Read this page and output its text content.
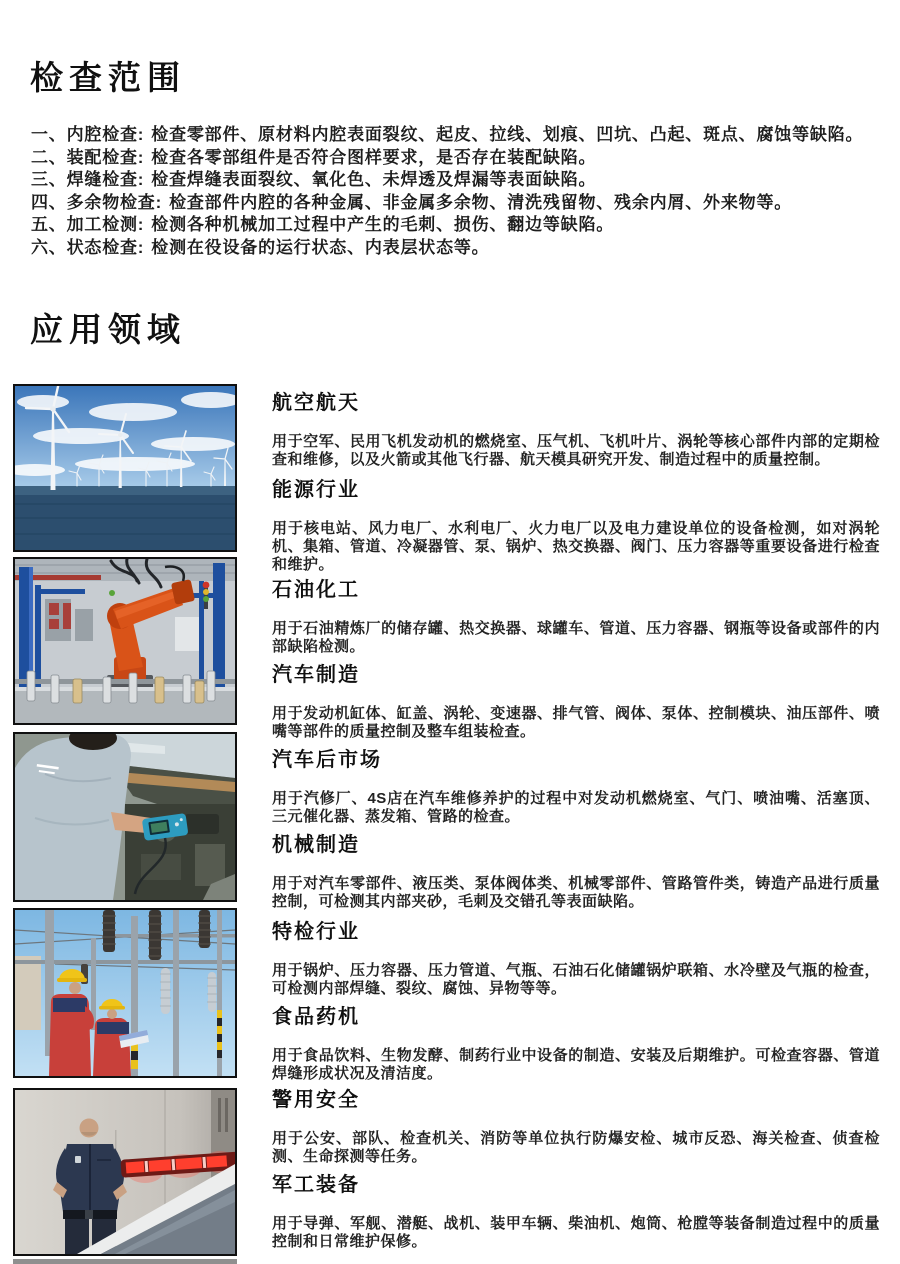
检查范围
一、内腔检查: 检查零部件、原材料内腔表面裂纹、起皮、拉线、划痕、凹坑、凸起、斑点、腐蚀等缺陷。
二、装配检查: 检查各零部组件是否符合图样要求，是否存在装配缺陷。
三、焊缝检查: 检查焊缝表面裂纹、氧化色、未焊透及焊漏等表面缺陷。
四、多余物检查: 检查部件内腔的各种金属、非金属多余物、清洗残留物、残余内屑、外来物等。
五、加工检测: 检测各种机械加工过程中产生的毛刺、损伤、翻边等缺陷。
六、状态检查: 检测在役设备的运行状态、内表层状态等。
应用领域
航空航天

用于空军、民用飞机发动机的燃烧室、压气机、飞机叶片、涡轮等核心部件内部的定期检查和维修，以及火箭或其他飞行器、航天模具研究开发、制造过程中的质量控制。

能源行业

用于核电站、风力电厂、水利电厂、火力电厂以及电力建设单位的设备检测，如对涡轮机、集箱、管道、冷凝器管、泵、锅炉、热交换器、阀门、压力容器等重要设备进行检查和维护。

石油化工

用于石油精炼厂的储存罐、热交换器、球罐车、管道、压力容器、钢瓶等设备或部件的内部缺陷检测。

汽车制造

用于发动机缸体、缸盖、涡轮、变速器、排气管、阀体、泵体、控制模块、油压部件、喷嘴等部件的质量控制及整车组装检查。

汽车后市场

用于汽修厂、4S店在汽车维修养护的过程中对发动机燃烧室、气门、喷油嘴、活塞顶、三元催化器、蒸发箱、管路的检查。

机械制造

用于对汽车零部件、液压类、泵体阀体类、机械零部件、管路管件类，铸造产品进行质量控制，可检测其内部夹砂，毛刺及交错孔等表面缺陷。

特检行业

用于锅炉、压力容器、压力管道、气瓶、石油石化储罐锅炉联箱、水冷壁及气瓶的检查，可检测内部焊缝、裂纹、腐蚀、异物等等。

食品药机

用于食品饮料、生物发酵、制药行业中设备的制造、安装及后期维护。可检查容器、管道焊缝形成状况及清洁度。

警用安全

用于公安、部队、检查机关、消防等单位执行防爆安检、城市反恐、海关检查、侦查检测、生命探测等任务。

军工装备

用于导弹、军舰、潜艇、战机、装甲车辆、柴油机、炮筒、枪膛等装备制造过程中的质量控制和日常维护保修。
